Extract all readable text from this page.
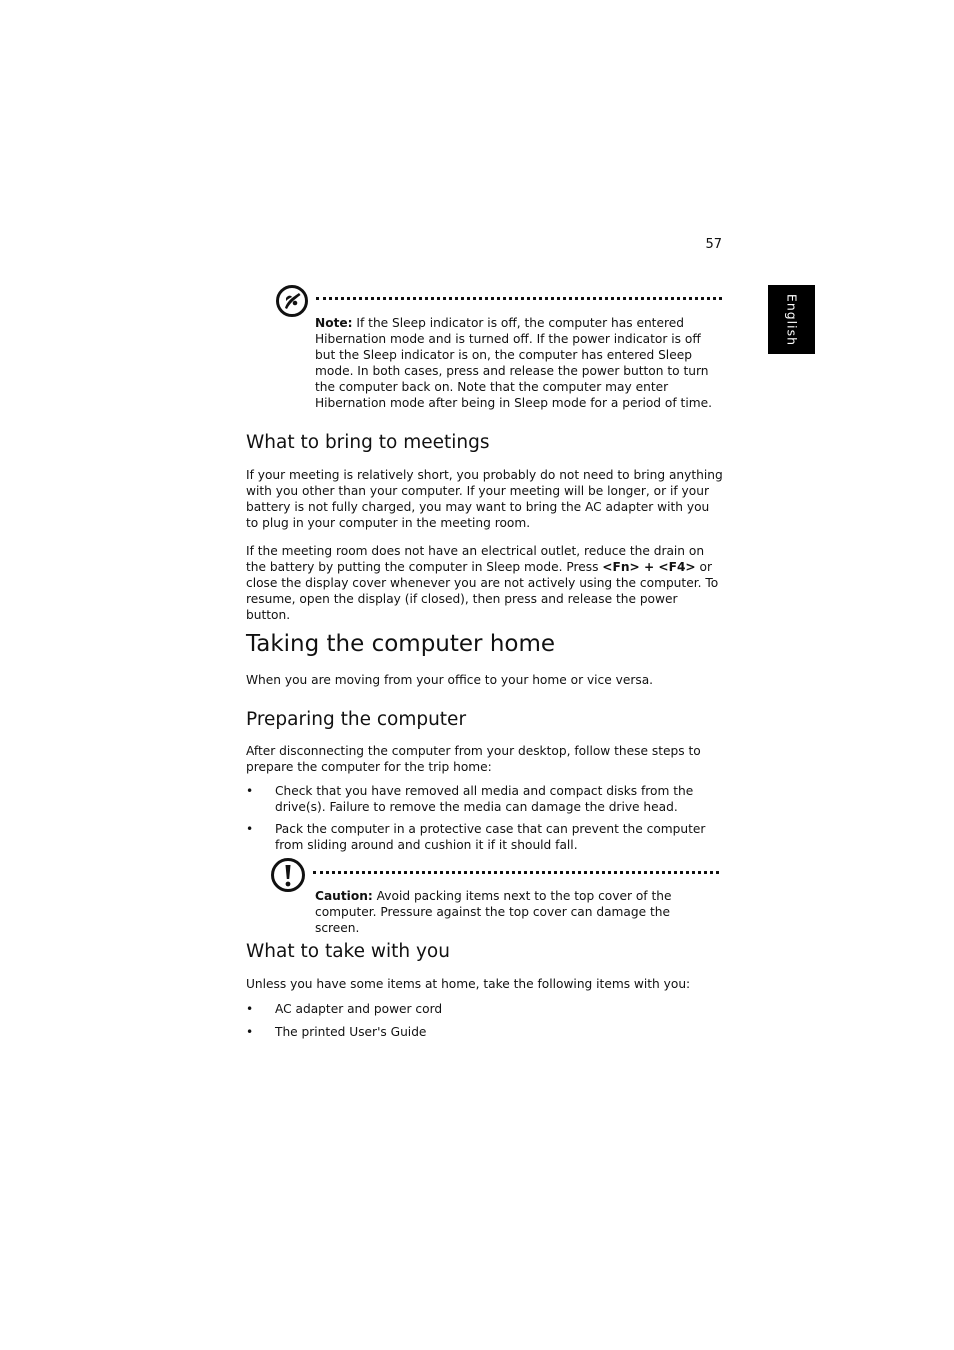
57
English
Note: If the Sleep indicator is off, the computer has entered Hibernation mode and is turned off. If the power indicator is off but the Sleep indicator is on, the computer has entered Sleep mode. In both cases, press and release the power button to turn the computer back on. Note that the computer may enter Hibernation mode after being in Sleep mode for a period of time.
What to bring to meetings
If your meeting is relatively short, you probably do not need to bring anything with you other than your computer. If your meeting will be longer, or if your battery is not fully charged, you may want to bring the AC adapter with you to plug in your computer in the meeting room.
If the meeting room does not have an electrical outlet, reduce the drain on the battery by putting the computer in Sleep mode. Press <Fn> + <F4> or close the display cover whenever you are not actively using the computer. To resume, open the display (if closed), then press and release the power button.
Taking the computer home
When you are moving from your office to your home or vice versa.
Preparing the computer
After disconnecting the computer from your desktop, follow these steps to prepare the computer for the trip home:
• Check that you have removed all media and compact disks from the drive(s). Failure to remove the media can damage the drive head.
• Pack the computer in a protective case that can prevent the computer from sliding around and cushion it if it should fall.
Caution: Avoid packing items next to the top cover of the computer. Pressure against the top cover can damage the screen.
What to take with you
Unless you have some items at home, take the following items with you:
• AC adapter and power cord
• The printed User's Guide
